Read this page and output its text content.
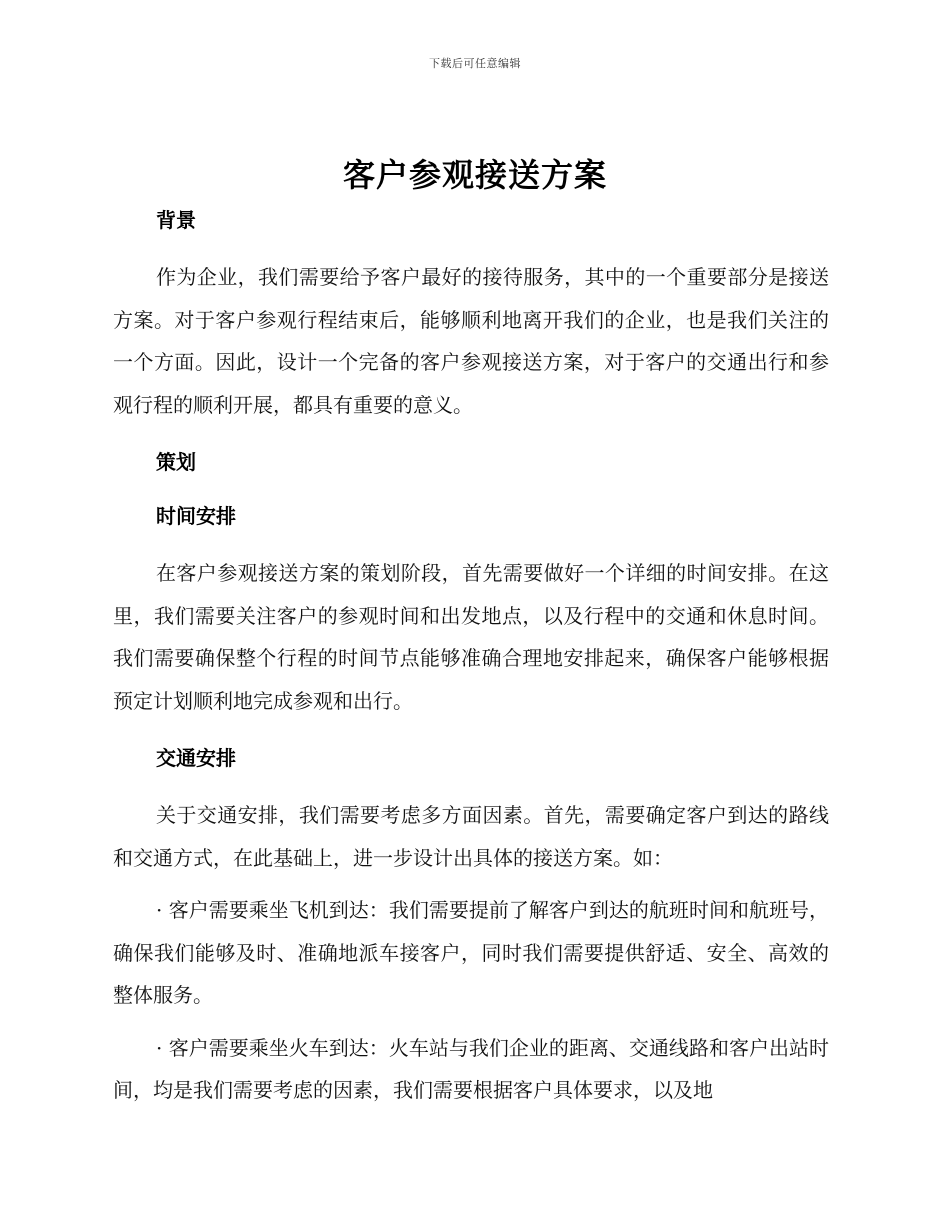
下载后可任意编辑
客户参观接送方案

背景

作为企业，我们需要给予客户最好的接待服务，其中的一个重要部分是接送方案。对于客户参观行程结束后，能够顺利地离开我们的企业，也是我们关注的一个方面。因此，设计一个完备的客户参观接送方案，对于客户的交通出行和参观行程的顺利开展，都具有重要的意义。

策划

时间安排

在客户参观接送方案的策划阶段，首先需要做好一个详细的时间安排。在这里，我们需要关注客户的参观时间和出发地点，以及行程中的交通和休息时间。我们需要确保整个行程的时间节点能够准确合理地安排起来，确保客户能够根据预定计划顺利地完成参观和出行。

交通安排

关于交通安排，我们需要考虑多方面因素。首先，需要确定客户到达的路线和交通方式，在此基础上，进一步设计出具体的接送方案。如：

· 客户需要乘坐飞机到达：我们需要提前了解客户到达的航班时间和航班号，确保我们能够及时、准确地派车接客户，同时我们需要提供舒适、安全、高效的整体服务。

· 客户需要乘坐火车到达：火车站与我们企业的距离、交通线路和客户出站时间，均是我们需要考虑的因素，我们需要根据客户具体要求，以及地
